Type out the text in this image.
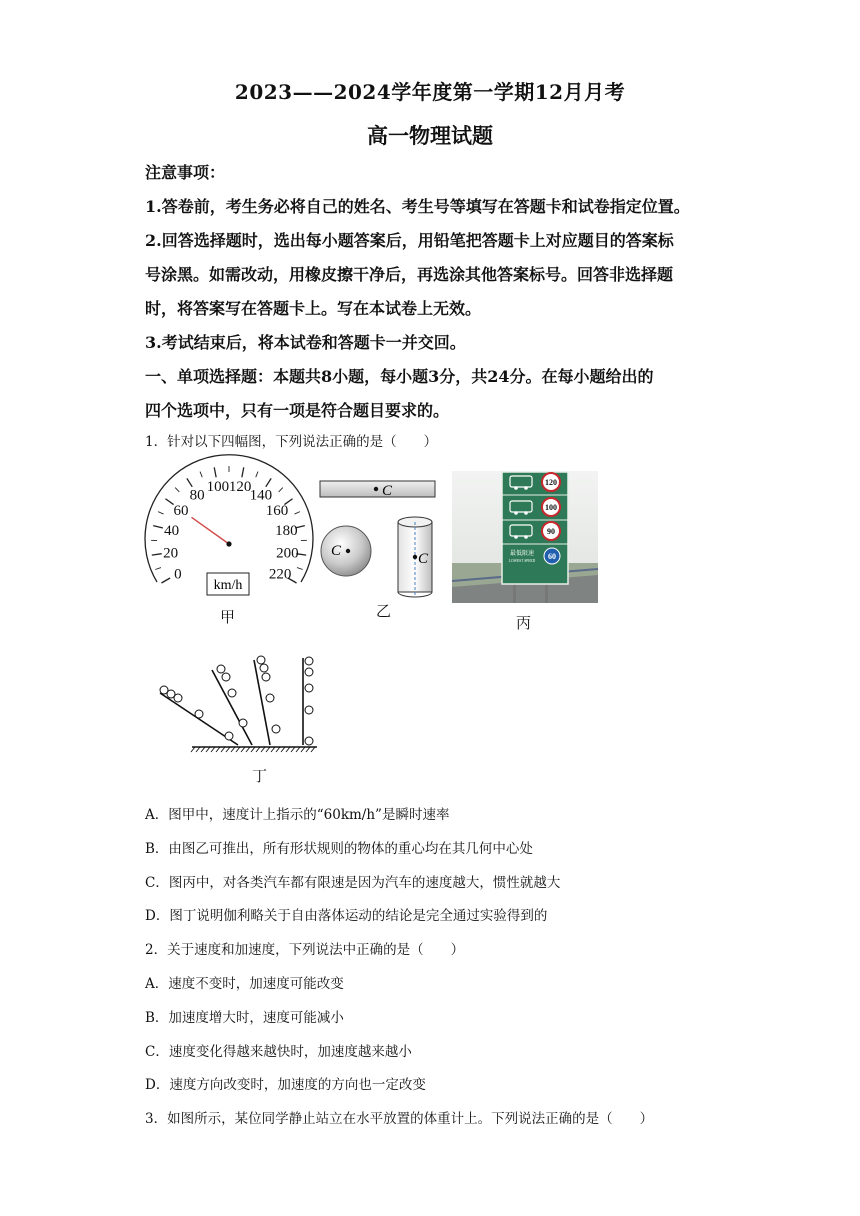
2023——2024学年度第一学期12月月考
高一物理试题
注意事项：
1.答卷前，考生务必将自己的姓名、考生号等填写在答题卡和试卷指定位置。
2.回答选择题时，选出每小题答案后，用铅笔把答题卡上对应题目的答案标
号涂黑。如需改动，用橡皮擦干净后，再选涂其他答案标号。回答非选择题
时，将答案写在答题卡上。写在本试卷上无效。
3.考试结束后，将本试卷和答题卡一并交回。
一、单项选择题：本题共8小题，每小题3分，共24分。在每小题给出的
四个选项中，只有一项是符合题目要求的。
1．针对以下四幅图，下列说法正确的是（　　）
0
20
40
60
80
100 120
140
160
180
200
220
km/h
甲
C
C	C
乙
120
100
90
最低限速
LOWEST SPEED 60
丙
丁
A．图甲中，速度计上指示的“60km/h”是瞬时速率
B．由图乙可推出，所有形状规则的物体的重心均在其几何中心处
C．图丙中，对各类汽车都有限速是因为汽车的速度越大，惯性就越大
D．图丁说明伽利略关于自由落体运动的结论是完全通过实验得到的
2．关于速度和加速度，下列说法中正确的是（　　）
A．速度不变时，加速度可能改变
B．加速度增大时，速度可能减小
C．速度变化得越来越快时，加速度越来越小
D．速度方向改变时，加速度的方向也一定改变
3．如图所示，某位同学静止站立在水平放置的体重计上。下列说法正确的是（　　）
